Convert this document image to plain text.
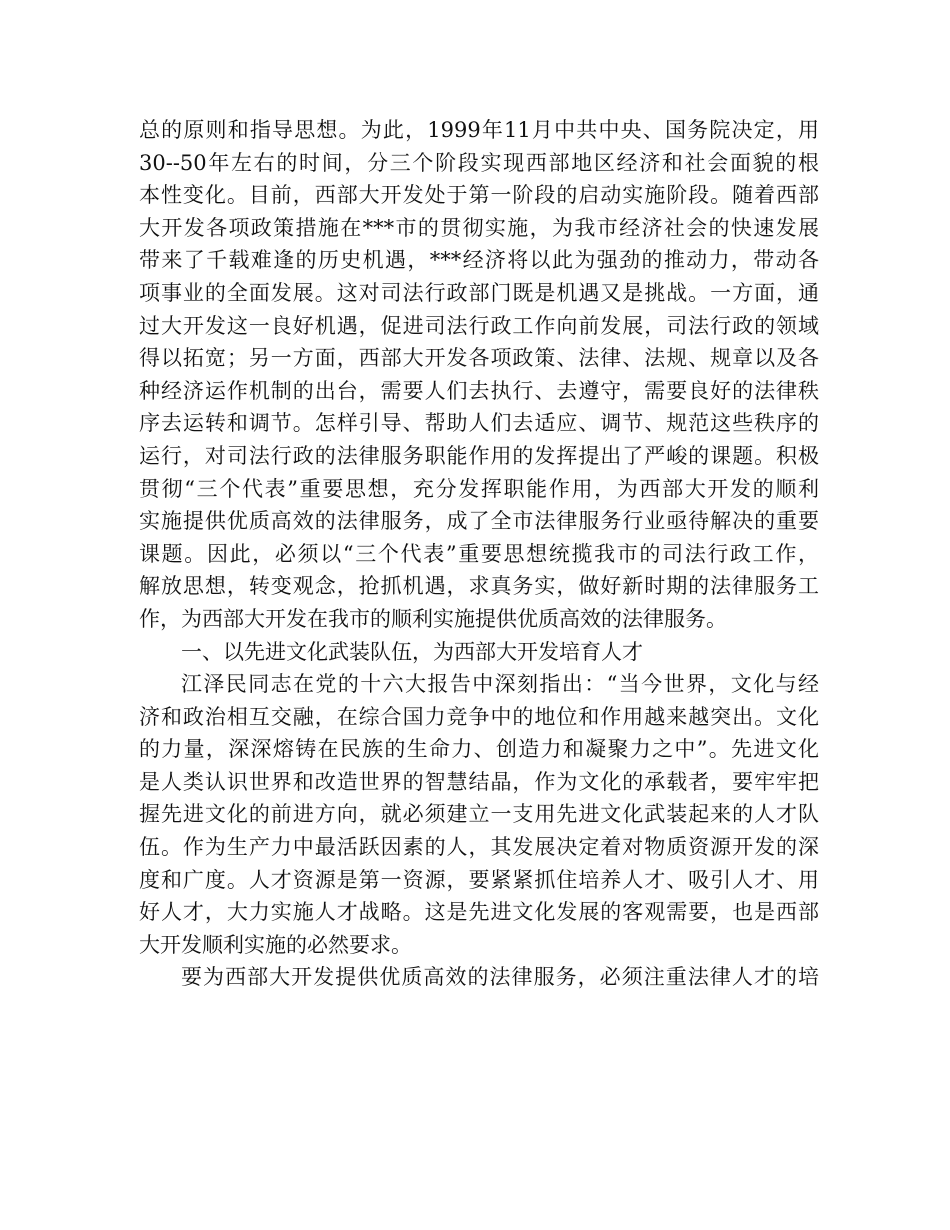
总的原则和指导思想。为此，1999年11月中共中央、国务院决定，用
30--50年左右的时间，分三个阶段实现西部地区经济和社会面貌的根
本性变化。目前，西部大开发处于第一阶段的启动实施阶段。随着西部
大开发各项政策措施在***市的贯彻实施，为我市经济社会的快速发展
带来了千载难逢的历史机遇，***经济将以此为强劲的推动力，带动各
项事业的全面发展。这对司法行政部门既是机遇又是挑战。一方面，通
过大开发这一良好机遇，促进司法行政工作向前发展，司法行政的领域
得以拓宽；另一方面，西部大开发各项政策、法律、法规、规章以及各
种经济运作机制的出台，需要人们去执行、去遵守，需要良好的法律秩
序去运转和调节。怎样引导、帮助人们去适应、调节、规范这些秩序的
运行，对司法行政的法律服务职能作用的发挥提出了严峻的课题。积极
贯彻“三个代表”重要思想，充分发挥职能作用，为西部大开发的顺利
实施提供优质高效的法律服务，成了全市法律服务行业亟待解决的重要
课题。因此，必须以“三个代表”重要思想统揽我市的司法行政工作，
解放思想，转变观念，抢抓机遇，求真务实，做好新时期的法律服务工
作，为西部大开发在我市的顺利实施提供优质高效的法律服务。
一、以先进文化武装队伍，为西部大开发培育人才
江泽民同志在党的十六大报告中深刻指出：“当今世界，文化与经
济和政治相互交融，在综合国力竞争中的地位和作用越来越突出。文化
的力量，深深熔铸在民族的生命力、创造力和凝聚力之中”。先进文化
是人类认识世界和改造世界的智慧结晶，作为文化的承载者，要牢牢把
握先进文化的前进方向，就必须建立一支用先进文化武装起来的人才队
伍。作为生产力中最活跃因素的人，其发展决定着对物质资源开发的深
度和广度。人才资源是第一资源，要紧紧抓住培养人才、吸引人才、用
好人才，大力实施人才战略。这是先进文化发展的客观需要，也是西部
大开发顺利实施的必然要求。
要为西部大开发提供优质高效的法律服务，必须注重法律人才的培
